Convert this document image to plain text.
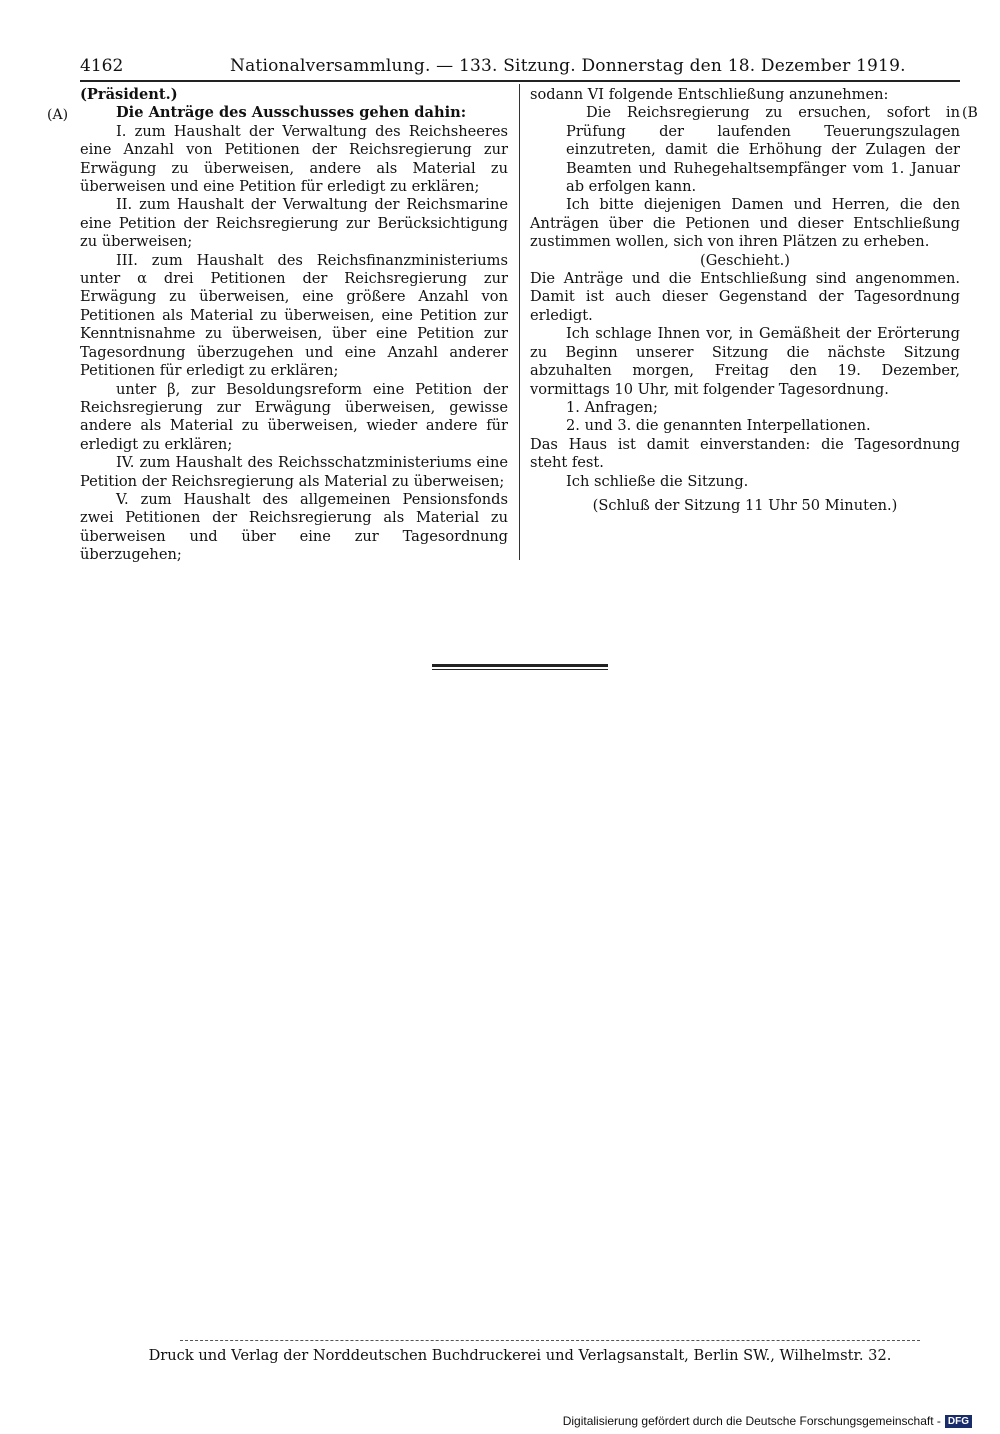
4162	Nationalversammlung. — 133. Sitzung. Donnerstag den 18. Dezember 1919.
(A)	(B

(Präsident.)

Die Anträge des Ausschusses gehen dahin:

I. zum Haushalt der Verwaltung des Reichsheeres eine Anzahl von Petitionen der Reichsregierung zur Erwägung zu überweisen, andere als Material zu überweisen und eine Petition für erledigt zu erklären;

II. zum Haushalt der Verwaltung der Reichsmarine eine Petition der Reichsregierung zur Berücksichtigung zu überweisen;

III. zum Haushalt des Reichsfinanzministeriums unter α drei Petitionen der Reichsregierung zur Erwägung zu überweisen, eine größere Anzahl von Petitionen als Material zu überweisen, eine Petition zur Kenntnisnahme zu überweisen, über eine Petition zur Tagesordnung überzugehen und eine Anzahl anderer Petitionen für erledigt zu erklären;

unter β, zur Besoldungsreform eine Petition der Reichsregierung zur Erwägung überweisen, gewisse andere als Material zu überweisen, wieder andere für erledigt zu erklären;

IV. zum Haushalt des Reichsschatzministeriums eine Petition der Reichsregierung als Material zu überweisen;

V. zum Haushalt des allgemeinen Pensionsfonds zwei Petitionen der Reichsregierung als Material zu überweisen und über eine zur Tagesordnung überzugehen;

sodann VI folgende Entschließung anzunehmen:

Die Reichsregierung zu ersuchen, sofort in Prüfung der laufenden Teuerungszulagen einzutreten, damit die Erhöhung der Zulagen der Beamten und Ruhegehaltsempfänger vom 1. Januar ab erfolgen kann.

Ich bitte diejenigen Damen und Herren, die den Anträgen über die Petionen und dieser Entschließung zustimmen wollen, sich von ihren Plätzen zu erheben.

(Geschieht.)

Die Anträge und die Entschließung sind angenommen. Damit ist auch dieser Gegenstand der Tagesordnung erledigt.

Ich schlage Ihnen vor, in Gemäßheit der Erörterung zu Beginn unserer Sitzung die nächste Sitzung abzuhalten morgen, Freitag den 19. Dezember, vormittags 10 Uhr, mit folgender Tagesordnung.

1. Anfragen;

2. und 3. die genannten Interpellationen.

Das Haus ist damit einverstanden: die Tagesordnung steht fest.

Ich schließe die Sitzung.

(Schluß der Sitzung 11 Uhr 50 Minuten.)

Druck und Verlag der Norddeutschen Buchdruckerei und Verlagsanstalt, Berlin SW., Wilhelmstr. 32.
Digitalisierung gefördert durch die Deutsche Forschungsgemeinschaft - DFG
